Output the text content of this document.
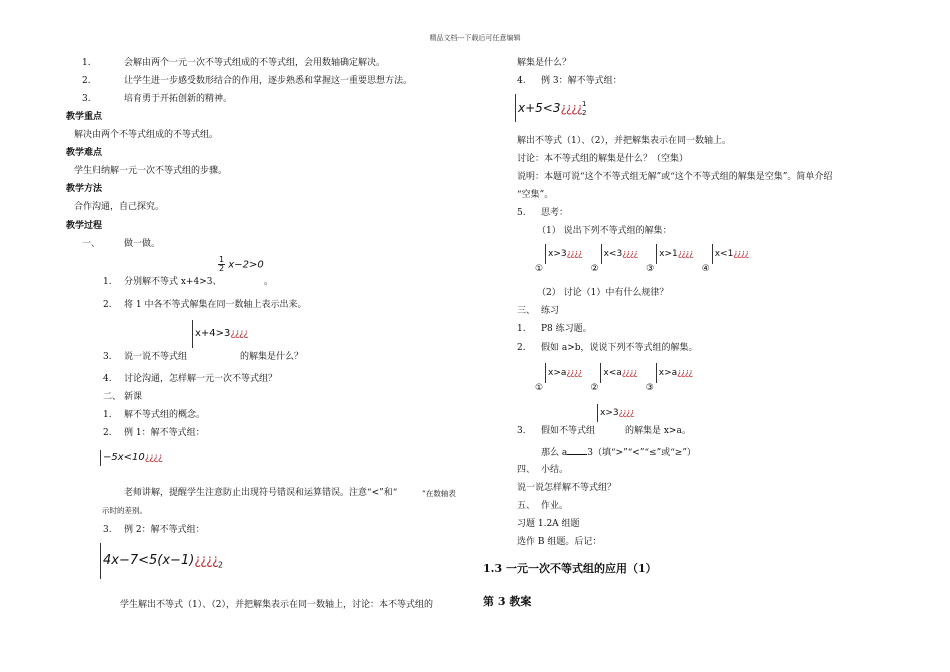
精品文档---下载后可任意编辑
1.	会解由两个一元一次不等式组成的不等式组，会用数轴确定解决。
2.	让学生进一步感受数形结合的作用，逐步熟悉和掌握这一重要思想方法。
3.	培育勇于开拓创新的精神。
教学重点
解决由两个不等式组成的不等式组。
教学难点
学生归纳解一元一次不等式组的步骤。
教学方法
合作沟通，自己探究。
教学过程
一、	做一做。
$\frac{1}{2} x-2>0$
1. 分别解不等式 x+4>3、	。
2. 将 1 中各不等式解集在同一数轴上表示出来。
x+4>3¿¿¿¿
3. 说一说不等式组	的解集是什么？
4. 讨论沟通，怎样解一元一次不等式组？
二、 新课
1. 解不等式组的概念。
2. 例 1：解不等式组：
−5x<10¿¿¿¿
老师讲解，提醒学生注意防止出现符号错误和运算错误。注意“<”和“	”在数轴表
示时的差别。
3. 例 2：解不等式组：
$4x-7<5(x-1)¿¿¿¿_2$
学生解出不等式（1）、（2），并把解集表示在同一数轴上，讨论：本不等式组的
解集是什么？
4. 例 3：解不等式组：
x+5<3¿¿¿¿ 1
2
解出不等式（1）、（2），并把解集表示在同一数轴上。
讨论：本不等式组的解集是什么？（空集）
说明：本题可说“这个不等式组无解”或“这个不等式组的解集是空集”。简单介绍
“空集”。
5. 思考：
（1） 说出下列不等式组的解集：
x>3¿¿¿¿
① x<3¿¿¿¿
② x>1¿¿¿¿
③ x<1¿¿¿¿
④
（2） 讨论（1）中有什么规律？
三、 练习
1. P8 练习题。
2. 假如 a>b，说说下列不等式组的解集。
x>a¿¿¿¿
① x<a¿¿¿¿
② x>a¿¿¿¿
③
x>3¿¿¿¿
3. 假如不等式组	的解集是 x>a。
那么 a 3（填“>”“<”“≤”或“≥”）
四、 小结。
说一说怎样解不等式组？
五、 作业。
习题 1.2A 组题
选作 B 组题。后记：
1.3 一元一次不等式组的应用（1）
第 3 教案
